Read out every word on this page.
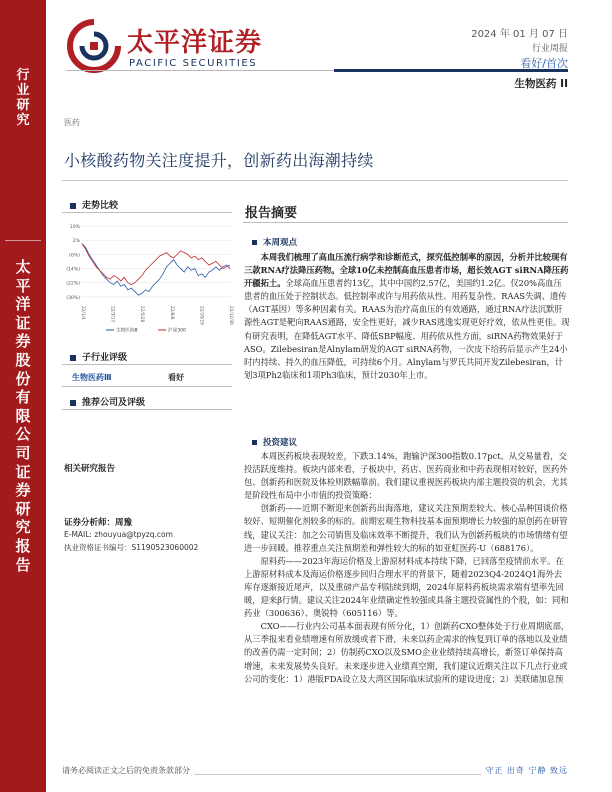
行
业
研
究
太
平
洋
证
券
股
份
有
限
公
司
证
券
研
究
报
告
太平洋证券
PACIFIC SECURITIES
2024 年 01 月 07 日
行业周报
看好/首次
生物医药 II
医药
小核酸药物关注度提升，创新药出海潮持续
走势比较
10%
2%
(6%)
(14%)
(22%)
(30%)
22/1/4	22/3/17	22/5/28	22/8/8	22/10/19	22/12/30
生物医药Ⅲ	沪深300
子行业评级
生物医药Ⅲ	看好
推荐公司及评级
相关研究报告
证券分析师：周豫
E-MAIL: zhouyua@tpyzq.com
执业资格证书编号：S1190523060002
报告摘要
本周观点

本周我们梳理了高血压流行病学和诊断范式，探究低控制率的原因，分析并比较现有三款RNA疗法降压药物。全球10亿未控制高血压患者市场，超长效AGT siRNA降压药开疆拓土。全球高血压患者约13亿，其中中国约2.57亿，美国约1.2亿。仅20%高血压患者的血压处于控制状态。低控制率或许与用药依从性、用药复杂性、RAAS失调、遗传（AGT基因）等多种因素有关。RAAS为治疗高血压的有效通路，通过RNA疗法沉默肝源性AGT是靶向RAAS通路，安全性更好，减少RAS逃逸实现更好疗效，依从性更佳。现有研究表明，在降低AGT水平、降低SBP幅度、用药依从性方面，siRNA药物效果好于ASO。Zilebesiran是Alnylam研发的AGT siRNA药物，一次皮下给药后显示产生24小时内持续、持久的血压降低，可持续6个月。Alnylam与罗氏共同开发Zilebesiran，计划3项Ph2临床和1项Ph3临床，预计2030年上市。

投资建议

本周医药板块表现较差，下跌3.14%，跑输沪深300指数0.17pct。从交易量看，交投活跃度维持。板块内部来看，子板块中，药店、医药商业和中药表现相对较好，医药外包、创新药和医院及体检则跌幅靠前。我们建议重视医药板块内部主题投资的机会，尤其是阶段性布局中小市值的投资策略：

创新药——近期不断迎来创新药出海落地，建议关注预期差较大、核心品种国谈价格较好、短期催化剂较多的标的。前期宏观生物科技基本面预期增长力较强的原创药在研管线，建议关注：加之公司销售及临床效率不断提升，我们认为创新药板块的市场情绪有望进一步回暖。推荐重点关注预期差和弹性较大的标的如亚虹医药-U（688176）。

原料药——2023年海运价格及上游原材料成本持续下降，已回落至疫情前水平。在上游原材料成本及海运价格逐步回归合理水平的背景下，随着2023Q4-2024Q1海外去库存逐渐接近尾声，以及重磅产品专利陆续到期，2024年原料药板块需求端有望率先回暖，迎来β行情。建议关注2024年业绩确定性较强或具备主题投资属性的个股，如：同和药业（300636）、奥锐特（605116）等。

CXO——行业内公司基本面表现有所分化，1）创新药CXO整体处于行业周期底部，从三季报来看业绩增速有所放缓或者下滑，未来以药企需求的恢复到订单的落地以及业绩的改善仍需一定时间；2）仿制药CXO以及SMO企业业绩持续高增长，新签订单保持高增速，未来发展势头良好。未来逐步进入业绩真空期，我们建议近期关注以下几点行业或公司的变化：1）港版FDA设立及大湾区国际临床试验所的建设进度；2）美联储加息预

请务必阅读正文之后的免责条款部分	守正 出奇 宁静 致远
